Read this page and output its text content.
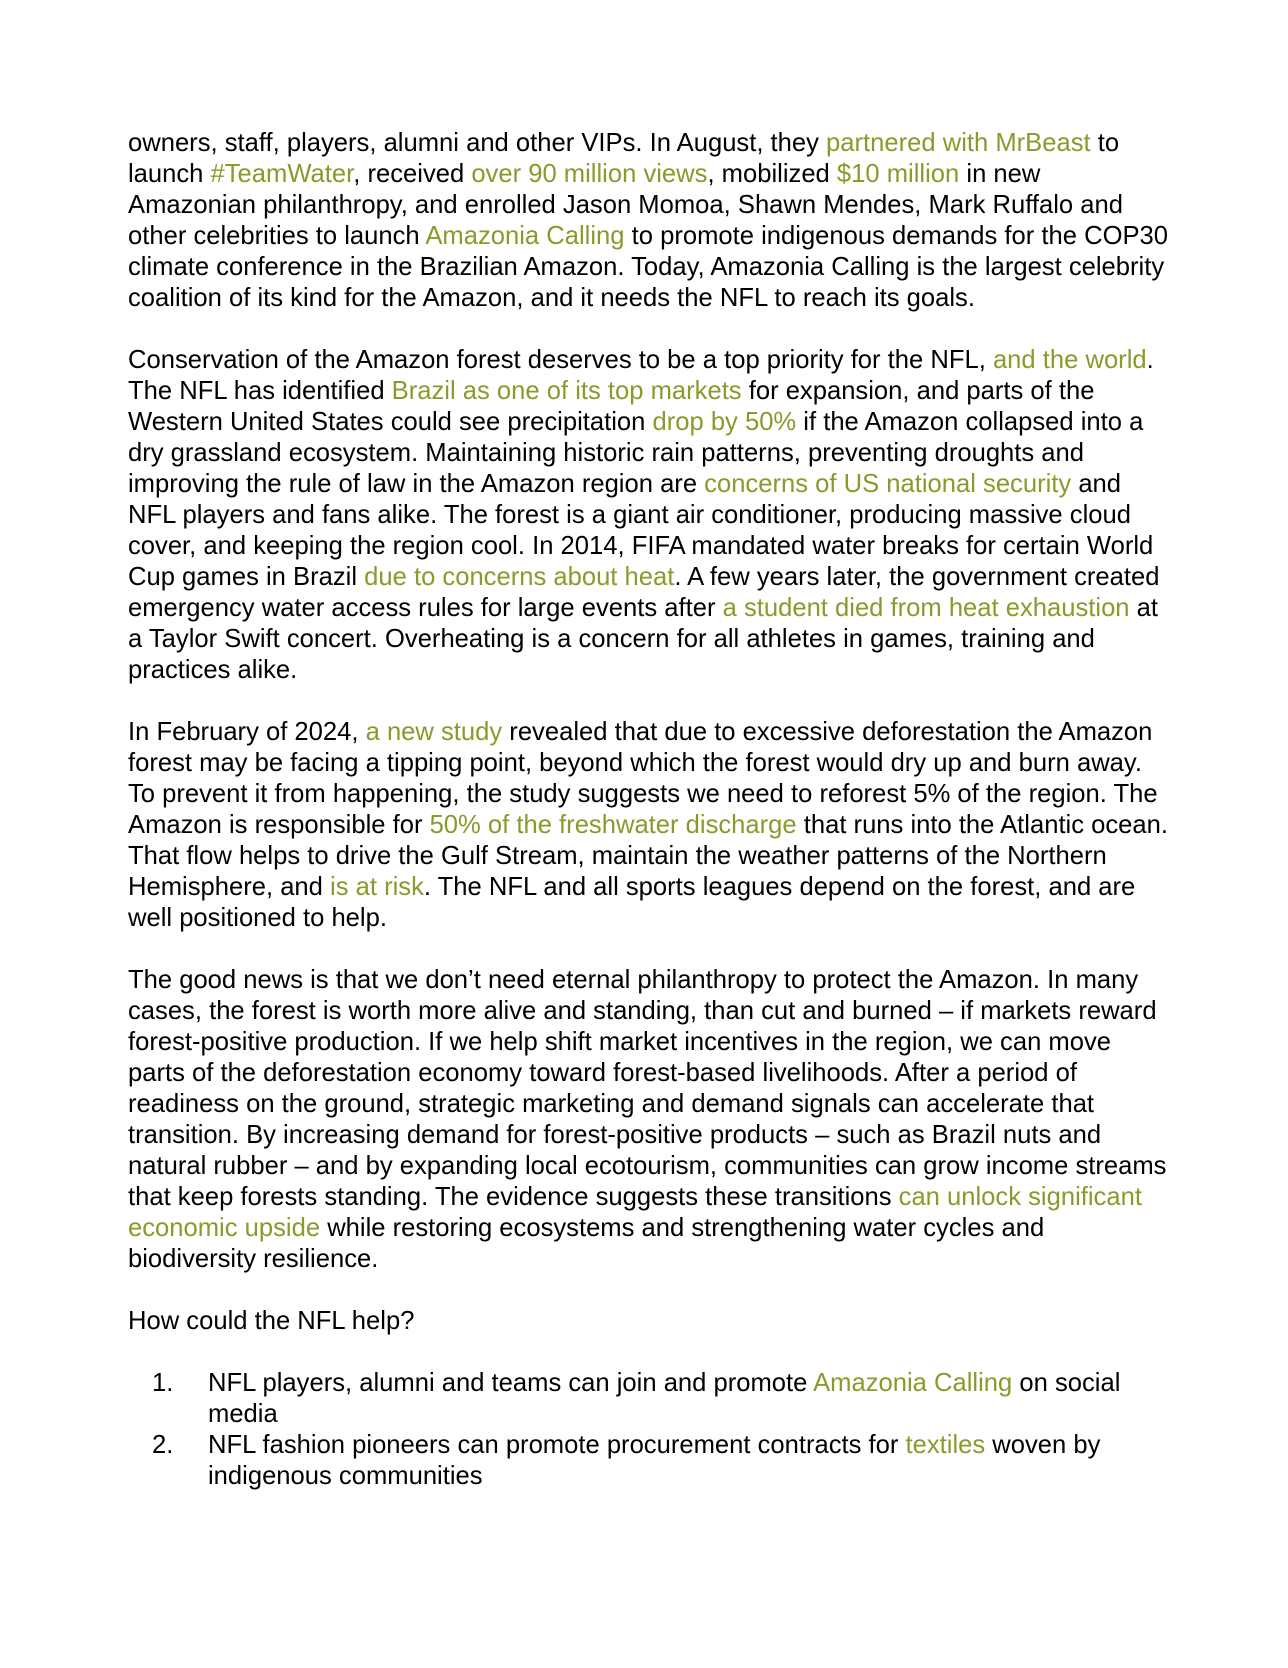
owners, staff, players, alumni and other VIPs. In August, they partnered with MrBeast to launch #TeamWater, received over 90 million views, mobilized $10 million in new Amazonian philanthropy, and enrolled Jason Momoa, Shawn Mendes, Mark Ruffalo and other celebrities to launch Amazonia Calling to promote indigenous demands for the COP30 climate conference in the Brazilian Amazon. Today, Amazonia Calling is the largest celebrity coalition of its kind for the Amazon, and it needs the NFL to reach its goals.

Conservation of the Amazon forest deserves to be a top priority for the NFL, and the world. The NFL has identified Brazil as one of its top markets for expansion, and parts of the Western United States could see precipitation drop by 50% if the Amazon collapsed into a dry grassland ecosystem. Maintaining historic rain patterns, preventing droughts and improving the rule of law in the Amazon region are concerns of US national security and NFL players and fans alike. The forest is a giant air conditioner, producing massive cloud cover, and keeping the region cool. In 2014, FIFA mandated water breaks for certain World Cup games in Brazil due to concerns about heat. A few years later, the government created emergency water access rules for large events after a student died from heat exhaustion at a Taylor Swift concert. Overheating is a concern for all athletes in games, training and practices alike.

In February of 2024, a new study revealed that due to excessive deforestation the Amazon forest may be facing a tipping point, beyond which the forest would dry up and burn away. To prevent it from happening, the study suggests we need to reforest 5% of the region. The Amazon is responsible for 50% of the freshwater discharge that runs into the Atlantic ocean. That flow helps to drive the Gulf Stream, maintain the weather patterns of the Northern Hemisphere, and is at risk. The NFL and all sports leagues depend on the forest, and are well positioned to help.

The good news is that we don’t need eternal philanthropy to protect the Amazon. In many cases, the forest is worth more alive and standing, than cut and burned – if markets reward forest-positive production. If we help shift market incentives in the region, we can move parts of the deforestation economy toward forest-based livelihoods. After a period of readiness on the ground, strategic marketing and demand signals can accelerate that transition. By increasing demand for forest-positive products – such as Brazil nuts and natural rubber – and by expanding local ecotourism, communities can grow income streams that keep forests standing. The evidence suggests these transitions can unlock significant economic upside while restoring ecosystems and strengthening water cycles and biodiversity resilience.

How could the NFL help?

1. NFL players, alumni and teams can join and promote Amazonia Calling on social media
2. NFL fashion pioneers can promote procurement contracts for textiles woven by indigenous communities
